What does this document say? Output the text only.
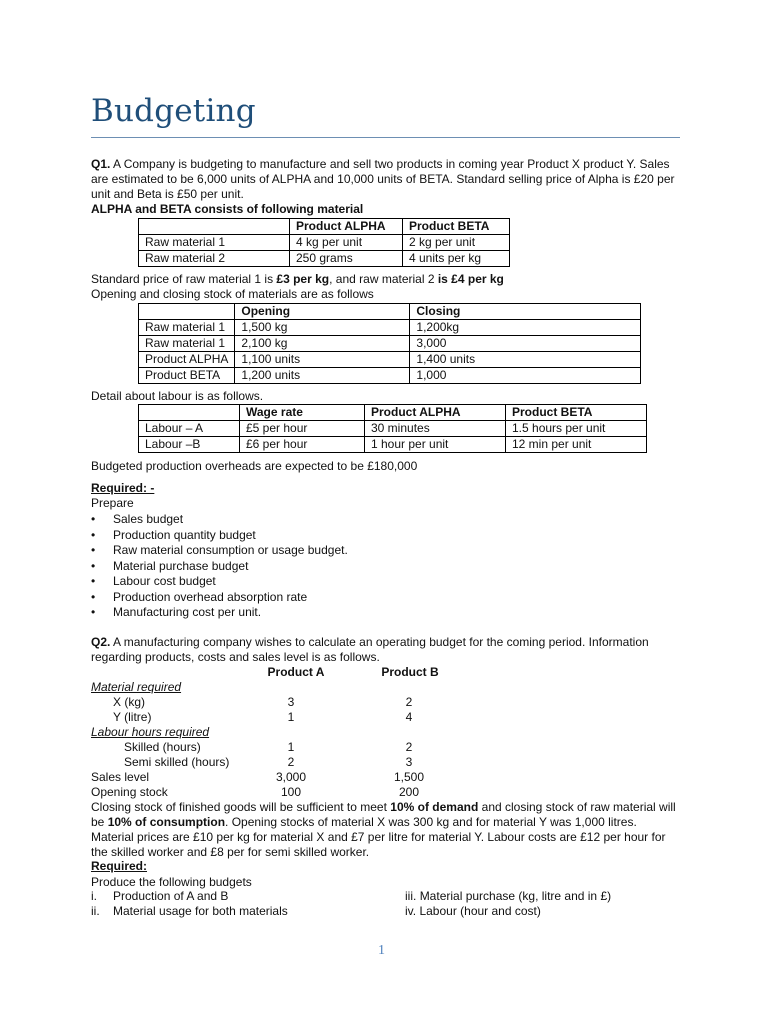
Budgeting
Q1. A Company is budgeting to manufacture and sell two products in coming year Product X product Y. Sales are estimated to be 6,000 units of ALPHA and 10,000 units of BETA. Standard selling price of Alpha is £20 per unit and Beta is £50 per unit.
ALPHA and BETA consists of following material
	Product ALPHA	Product BETA
Raw material 1	4 kg per unit	2 kg per unit
Raw material 2	250 grams	4 units per kg
Standard price of raw material 1 is £3 per kg, and raw material 2 is £4 per kg
Opening and closing stock of materials are as follows
	Opening	Closing
Raw material 1	1,500 kg	1,200kg
Raw material 1	2,100 kg	3,000
Product ALPHA	1,100 units	1,400 units
Product BETA	1,200 units	1,000
Detail about labour is as follows.
	Wage rate	Product ALPHA	Product BETA
Labour – A	£5 per hour	30 minutes	1.5 hours per unit
Labour –B	£6 per hour	1 hour per unit	12 min per unit
Budgeted production overheads are expected to be £180,000
Required: -
Prepare
• Sales budget
• Production quantity budget
• Raw material consumption or usage budget.
• Material purchase budget
• Labour cost budget
• Production overhead absorption rate
• Manufacturing cost per unit.
Q2. A manufacturing company wishes to calculate an operating budget for the coming period. Information regarding products, costs and sales level is as follows.
Product A	Product B
Material required
X (kg)	3	2
Y (litre)	1	4
Labour hours required
Skilled (hours)	1	2
Semi skilled (hours)	2	3
Sales level	3,000	1,500
Opening stock	100	200
Closing stock of finished goods will be sufficient to meet 10% of demand and closing stock of raw material will be 10% of consumption. Opening stocks of material X was 300 kg and for material Y was 1,000 litres. Material prices are £10 per kg for material X and £7 per litre for material Y. Labour costs are £12 per hour for the skilled worker and £8 per for semi skilled worker.
Required:
Produce the following budgets
i. Production of A and B
ii. Material usage for both materials
iii. Material purchase (kg, litre and in £)
iv. Labour (hour and cost)
1
